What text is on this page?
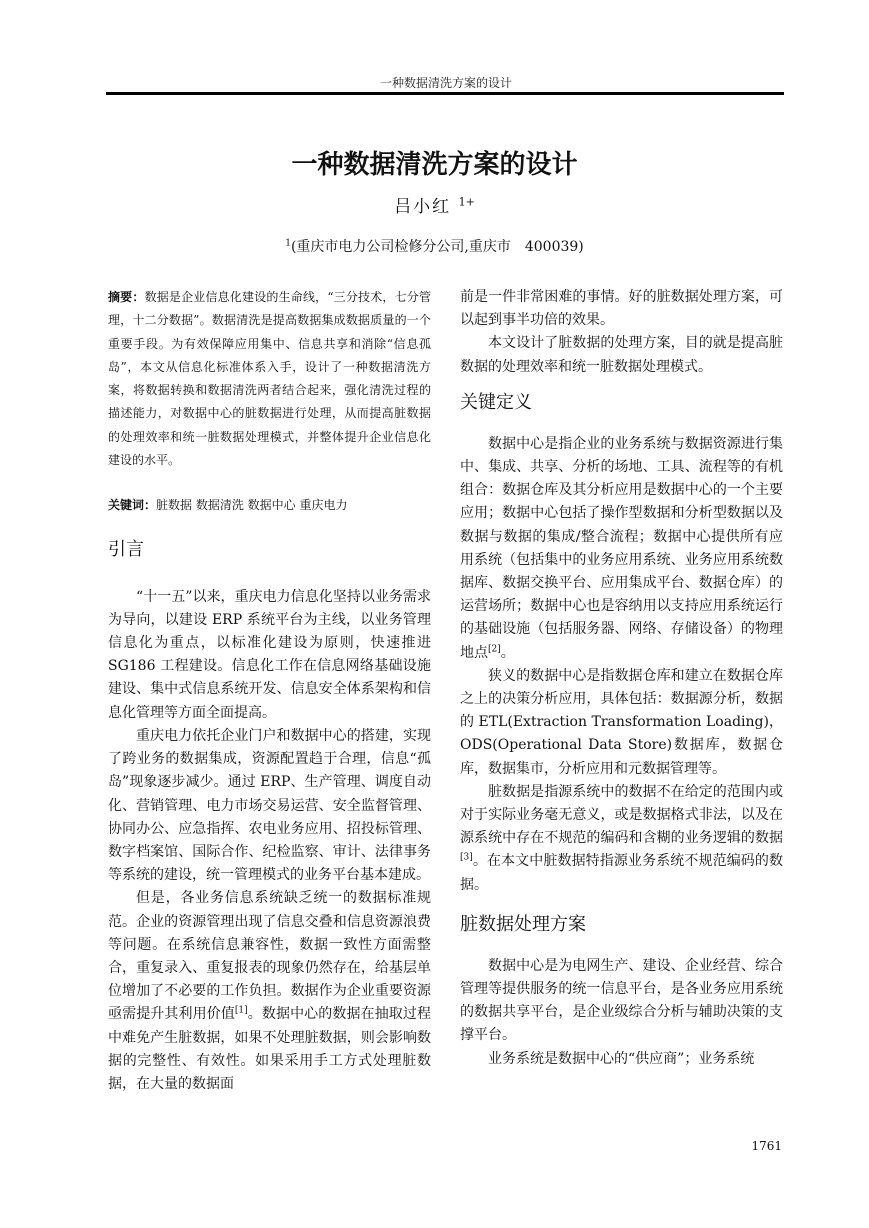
一种数据清洗方案的设计
一种数据清洗方案的设计
吕小红 $^{1+}$
$^1$(重庆市电力公司检修分公司,重庆市　400039)
摘要：数据是企业信息化建设的生命线，“三分技术，七分管理，十二分数据”。数据清洗是提高数据集成数据质量的一个重要手段。为有效保障应用集中、信息共享和消除“信息孤岛”，本文从信息化标准体系入手，设计了一种数据清洗方案，将数据转换和数据清洗两者结合起来，强化清洗过程的描述能力，对数据中心的脏数据进行处理，从而提高脏数据的处理效率和统一脏数据处理模式，并整体提升企业信息化建设的水平。
关键词：脏数据 数据清洗 数据中心 重庆电力
引言

“十一五”以来，重庆电力信息化坚持以业务需求为导向，以建设 ERP 系统平台为主线，以业务管理信息化为重点，以标准化建设为原则，快速推进 SG186 工程建设。信息化工作在信息网络基础设施建设、集中式信息系统开发、信息安全体系架构和信息化管理等方面全面提高。

重庆电力依托企业门户和数据中心的搭建，实现了跨业务的数据集成，资源配置趋于合理，信息“孤岛”现象逐步减少。通过 ERP、生产管理、调度自动化、营销管理、电力市场交易运营、安全监督管理、协同办公、应急指挥、农电业务应用、招投标管理、数字档案馆、国际合作、纪检监察、审计、法律事务等系统的建设，统一管理模式的业务平台基本建成。

但是，各业务信息系统缺乏统一的数据标准规范。企业的资源管理出现了信息交叠和信息资源浪费等问题。在系统信息兼容性，数据一致性方面需整合，重复录入、重复报表的现象仍然存在，给基层单位增加了不必要的工作负担。数据作为企业重要资源亟需提升其利用价值[1]。数据中心的数据在抽取过程中难免产生脏数据，如果不处理脏数据，则会影响数据的完整性、有效性。如果采用手工方式处理脏数据，在大量的数据面

前是一件非常困难的事情。好的脏数据处理方案，可以起到事半功倍的效果。

本文设计了脏数据的处理方案，目的就是提高脏数据的处理效率和统一脏数据处理模式。

关键定义

数据中心是指企业的业务系统与数据资源进行集中、集成、共享、分析的场地、工具、流程等的有机组合：数据仓库及其分析应用是数据中心的一个主要应用；数据中心包括了操作型数据和分析型数据以及数据与数据的集成/整合流程；数据中心提供所有应用系统（包括集中的业务应用系统、业务应用系统数据库、数据交换平台、应用集成平台、数据仓库）的运营场所；数据中心也是容纳用以支持应用系统运行的基础设施（包括服务器、网络、存储设备）的物理地点[2]。

狭义的数据中心是指数据仓库和建立在数据仓库之上的决策分析应用，具体包括：数据源分析，数据的 ETL(Extraction Transformation Loading)，ODS(Operational Data Store)数据库，数据仓库，数据集市，分析应用和元数据管理等。

脏数据是指源系统中的数据不在给定的范围内或对于实际业务毫无意义，或是数据格式非法，以及在源系统中存在不规范的编码和含糊的业务逻辑的数据[3]。在本文中脏数据特指源业务系统不规范编码的数据。

脏数据处理方案

数据中心是为电网生产、建设、企业经营、综合管理等提供服务的统一信息平台，是各业务应用系统的数据共享平台，是企业级综合分析与辅助决策的支撑平台。

业务系统是数据中心的“供应商”；业务系统

1761
